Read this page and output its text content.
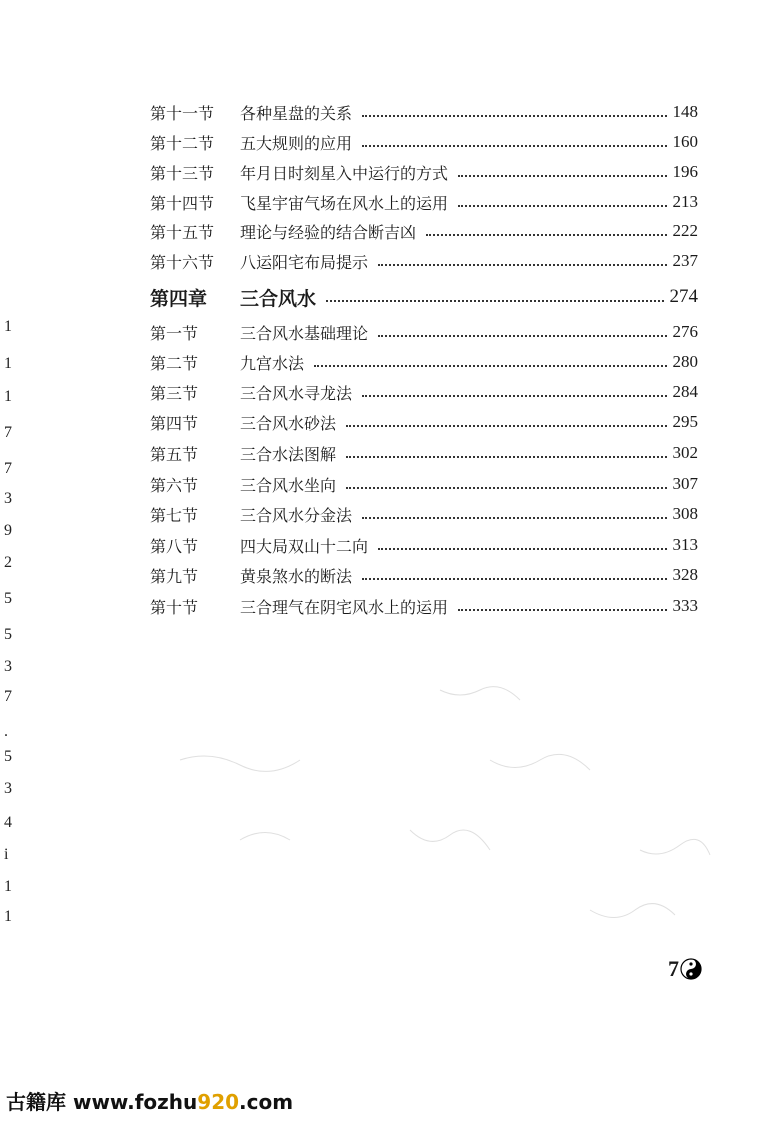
第十一节	各种星盘的关系	148
第十二节	五大规则的应用	160
第十三节	年月日时刻星入中运行的方式	196
第十四节	飞星宇宙气场在风水上的运用	213
第十五节	理论与经验的结合断吉凶	222
第十六节	八运阳宅布局提示	237
第四章	三合风水	274
第一节	三合风水基础理论	276
第二节	九宫水法	280
第三节	三合风水寻龙法	284
第四节	三合风水砂法	295
第五节	三合水法图解	302
第六节	三合风水坐向	307
第七节	三合风水分金法	308
第八节	四大局双山十二向	313
第九节	黄泉煞水的断法	328
第十节	三合理气在阴宅风水上的运用	333
1
1
1
7
7
3
9
2
5
5
3
7
.
5
3
4
i
1
1
7
古籍库 www.fozhu920.com
